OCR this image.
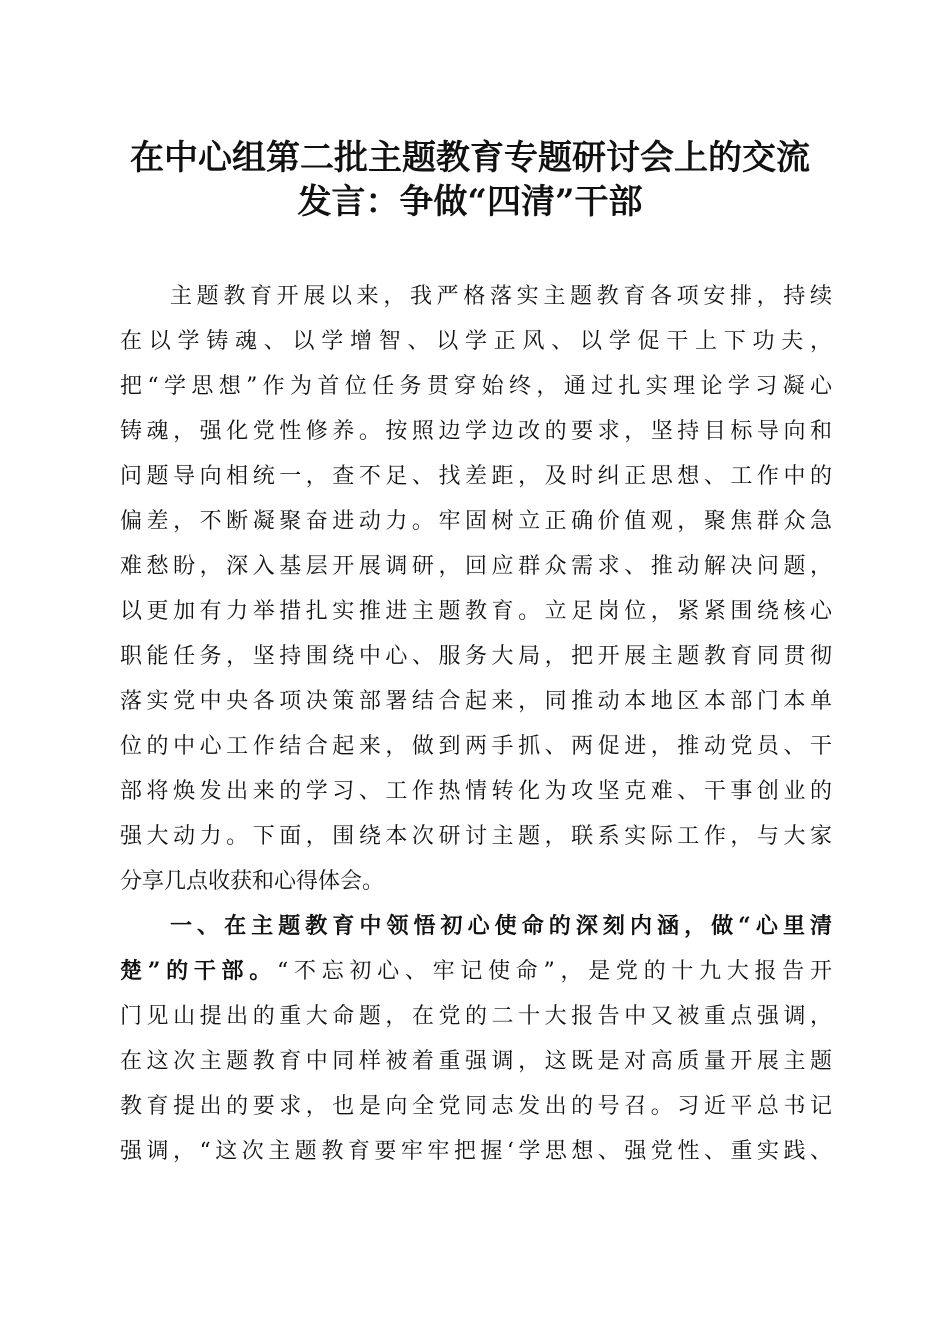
在中心组第二批主题教育专题研讨会上的交流
发言：争做“四清”干部
主题教育开展以来，我严格落实主题教育各项安排，持续
在以学铸魂、以学增智、以学正风、以学促干上下功夫，
把“学思想”作为首位任务贯穿始终，通过扎实理论学习凝心
铸魂，强化党性修养。按照边学边改的要求，坚持目标导向和
问题导向相统一，查不足、找差距，及时纠正思想、工作中的
偏差，不断凝聚奋进动力。牢固树立正确价值观，聚焦群众急
难愁盼，深入基层开展调研，回应群众需求、推动解决问题，
以更加有力举措扎实推进主题教育。立足岗位，紧紧围绕核心
职能任务，坚持围绕中心、服务大局，把开展主题教育同贯彻
落实党中央各项决策部署结合起来，同推动本地区本部门本单
位的中心工作结合起来，做到两手抓、两促进，推动党员、干
部将焕发出来的学习、工作热情转化为攻坚克难、干事创业的
强大动力。下面，围绕本次研讨主题，联系实际工作，与大家
分享几点收获和心得体会。
一、在主题教育中领悟初心使命的深刻内涵，做“心里清
楚”的干部。“不忘初心、牢记使命”，是党的十九大报告开
门见山提出的重大命题，在党的二十大报告中又被重点强调，
在这次主题教育中同样被着重强调，这既是对高质量开展主题
教育提出的要求，也是向全党同志发出的号召。习近平总书记
强调，“这次主题教育要牢牢把握‘学思想、强党性、重实践、
